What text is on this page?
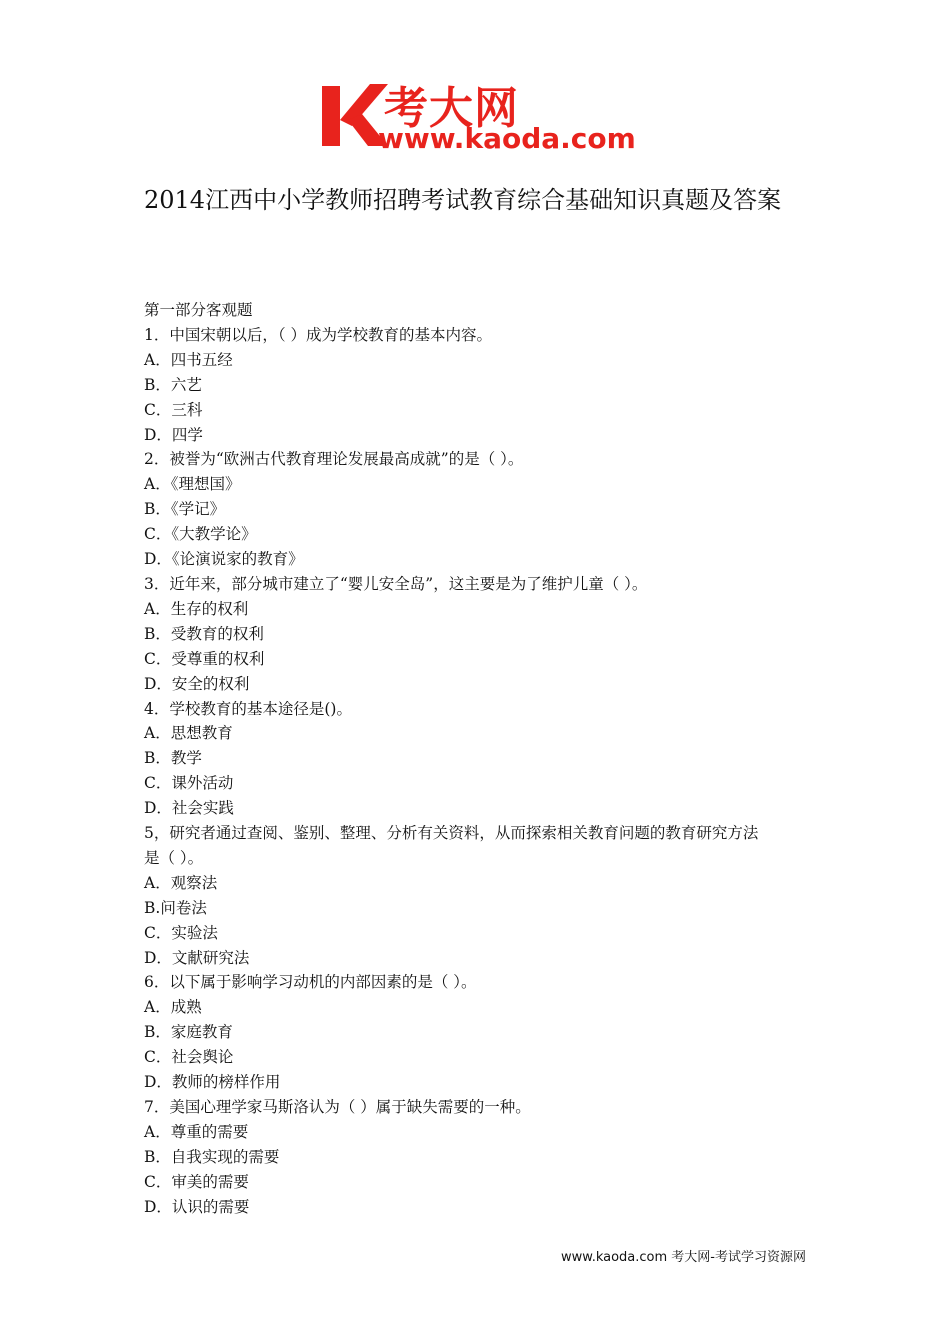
考大网
www.kaoda.com
2014江西中小学教师招聘考试教育综合基础知识真题及答案
第一部分客观题
1．中国宋朝以后，（ ）成为学校教育的基本内容。
A．四书五经
B．六艺
C．三科
D．四学
2．被誉为“欧洲古代教育理论发展最高成就”的是（ ）。
A．《理想国》
B．《学记》
C．《大教学论》
D．《论演说家的教育》
3．近年来，部分城市建立了“婴儿安全岛”，这主要是为了维护儿童（ ）。
A．生存的权利
B．受教育的权利
C．受尊重的权利
D．安全的权利
4．学校教育的基本途径是()。
A．思想教育
B．教学
C．课外活动
D．社会实践
5，研究者通过查阅、鉴别、整理、分析有关资料，从而探索相关教育问题的教育研究方法
是（ ）。
A．观察法
B.问卷法
C．实验法
D．文献研究法
6．以下属于影响学习动机的内部因素的是（ ）。
A．成熟
B．家庭教育
C．社会舆论
D．教师的榜样作用
7．美国心理学家马斯洛认为（ ）属于缺失需要的一种。
A．尊重的需要
B．自我实现的需要
C．审美的需要
D．认识的需要
www.kaoda.com 考大网-考试学习资源网
